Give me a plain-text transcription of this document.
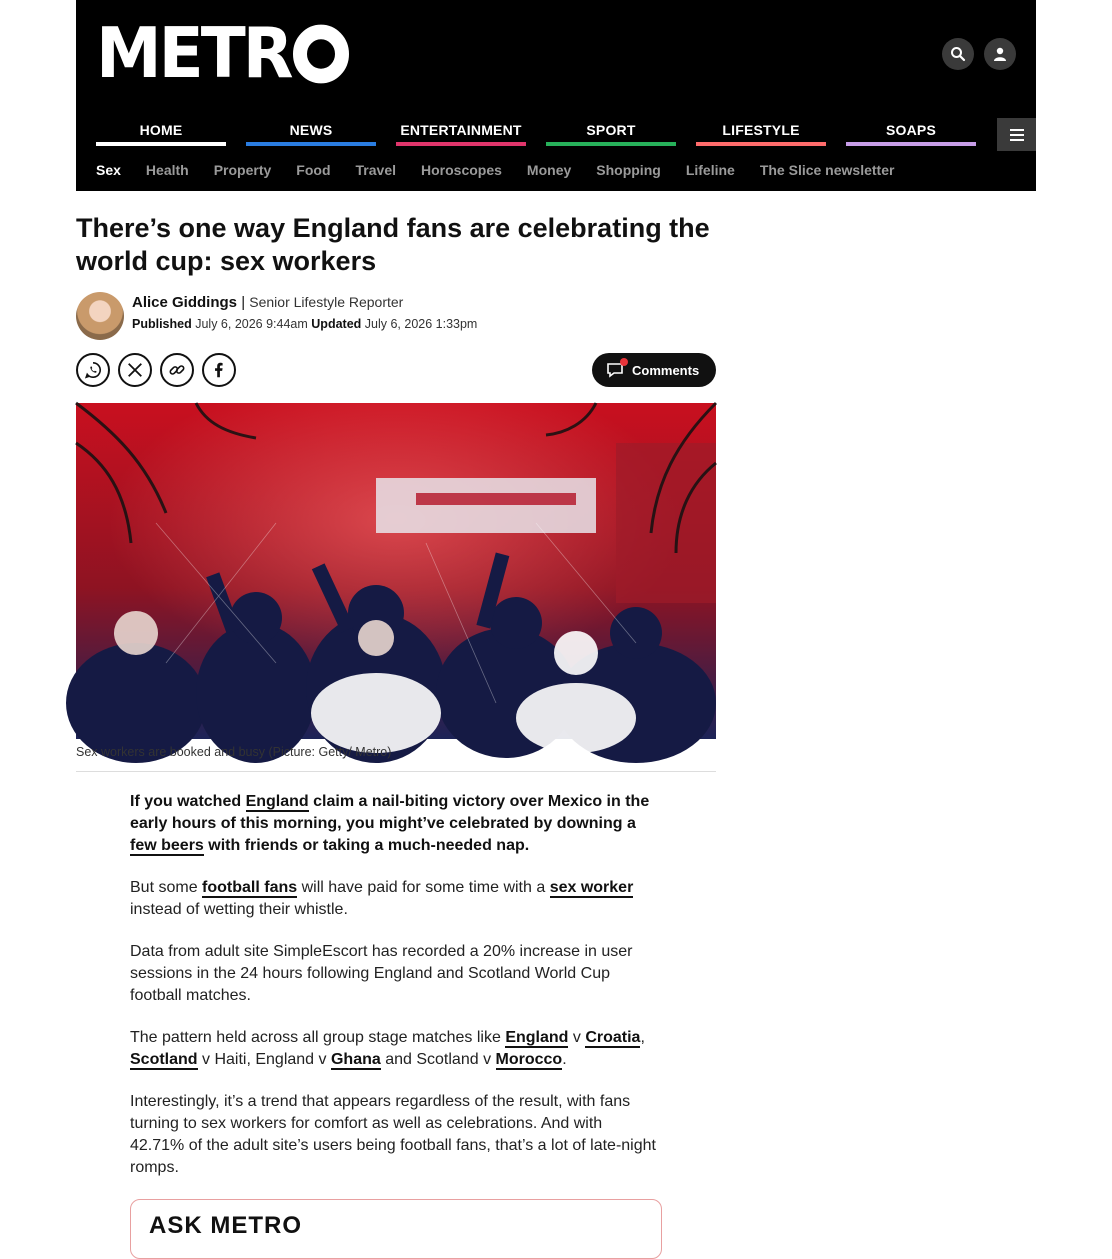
METR
HOME	NEWS	ENTERTAINMENT	SPORT	LIFESTYLE	SOAPS
Sex Health Property Food Travel Horoscopes Money Shopping Lifeline The Slice newsletter
There’s one way England fans are celebrating the world cup: sex workers
Alice Giddings | Senior Lifestyle Reporter
Published July 6, 2026 9:44am Updated July 6, 2026 1:33pm
Comments
Sex workers are booked and busy (Picture: Getty/ Metro)

If you watched England claim a nail-biting victory over Mexico in the early hours of this morning, you might’ve celebrated by downing a few beers with friends or taking a much-needed nap.

But some football fans will have paid for some time with a sex worker instead of wetting their whistle.

Data from adult site SimpleEscort has recorded a 20% increase in user sessions in the 24 hours following England and Scotland World Cup football matches.

The pattern held across all group stage matches like England v Croatia, Scotland v Haiti, England v Ghana and Scotland v Morocco.

Interestingly, it’s a trend that appears regardless of the result, with fans turning to sex workers for comfort as well as celebrations. And with 42.71% of the adult site’s users being football fans, that’s a lot of late-night romps.

ASK METRO
